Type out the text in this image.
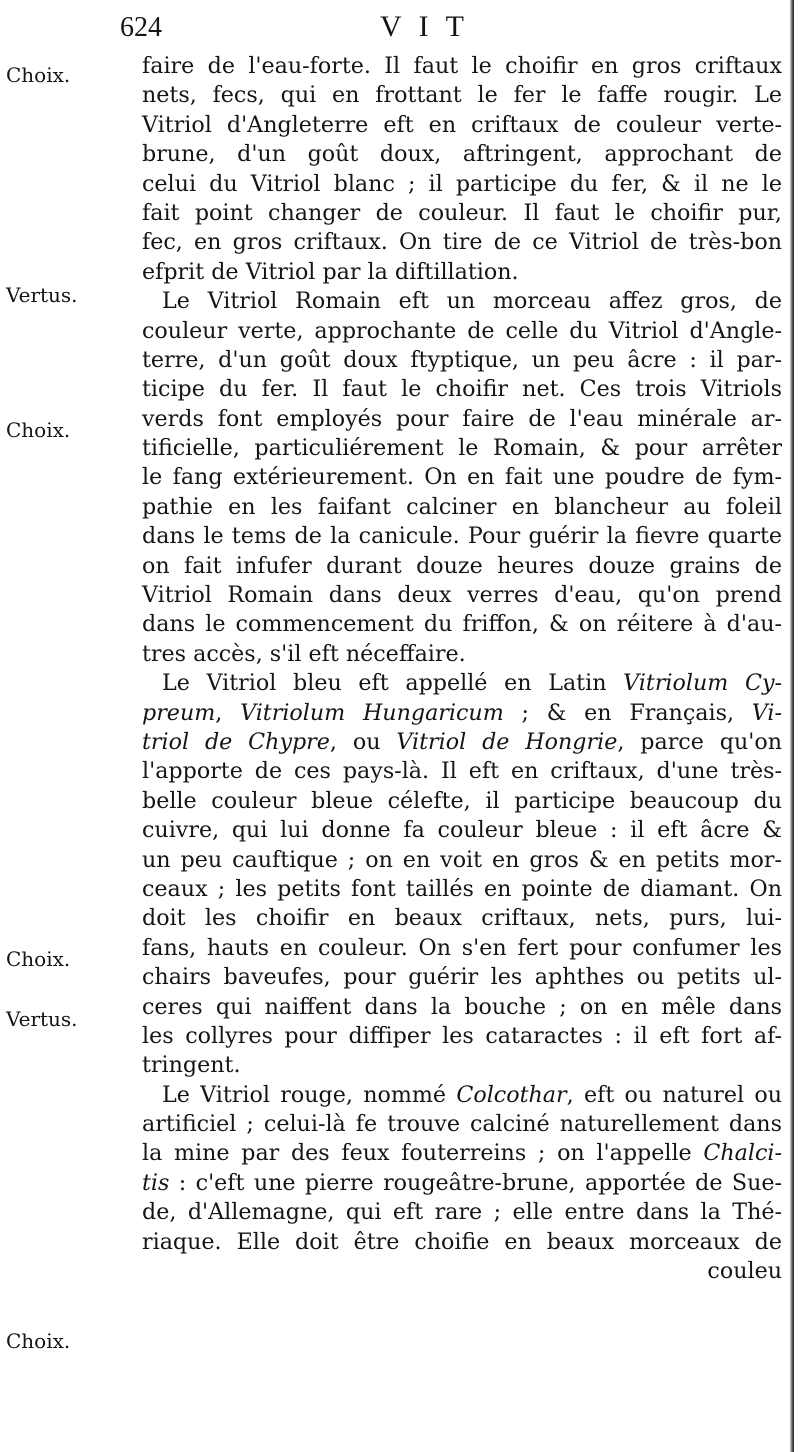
624	V I T
Choix.
Vertus.
Choix.
Choix.
Vertus.
Choix.
faire de l'eau-forte. Il faut le choifir en gros criftaux
nets, fecs, qui en frottant le fer le faffe rougir. Le
Vitriol d'Angleterre eft en criftaux de couleur verte-
brune, d'un goût doux, aftringent, approchant de
celui du Vitriol blanc ; il participe du fer, & il ne le
fait point changer de couleur. Il faut le choifir pur,
fec, en gros criftaux. On tire de ce Vitriol de très-bon
efprit de Vitriol par la diftillation.
Le Vitriol Romain eft un morceau affez gros, de
couleur verte, approchante de celle du Vitriol d'Angle-
terre, d'un goût doux ftyptique, un peu âcre : il par-
ticipe du fer. Il faut le choifir net. Ces trois Vitriols
verds font employés pour faire de l'eau minérale ar-
tificielle, particuliérement le Romain, & pour arrêter
le fang extérieurement. On en fait une poudre de fym-
pathie en les faifant calciner en blancheur au foleil
dans le tems de la canicule. Pour guérir la fievre quarte
on fait infufer durant douze heures douze grains de
Vitriol Romain dans deux verres d'eau, qu'on prend
dans le commencement du friffon, & on réitere à d'au-
tres accès, s'il eft néceffaire.
Le Vitriol bleu eft appellé en Latin Vitriolum Cy-
preum, Vitriolum Hungaricum ; & en Français, Vi-
triol de Chypre, ou Vitriol de Hongrie, parce qu'on
l'apporte de ces pays-là. Il eft en criftaux, d'une très-
belle couleur bleue célefte, il participe beaucoup du
cuivre, qui lui donne fa couleur bleue : il eft âcre &
un peu cauftique ; on en voit en gros & en petits mor-
ceaux ; les petits font taillés en pointe de diamant. On
doit les choifir en beaux criftaux, nets, purs, lui-
fans, hauts en couleur. On s'en fert pour confumer les
chairs baveufes, pour guérir les aphthes ou petits ul-
ceres qui naiffent dans la bouche ; on en mêle dans
les collyres pour diffiper les cataractes : il eft fort af-
tringent.
Le Vitriol rouge, nommé Colcothar, eft ou naturel ou
artificiel ; celui-là fe trouve calciné naturellement dans
la mine par des feux fouterreins ; on l'appelle Chalci-
tis : c'eft une pierre rougeâtre-brune, apportée de Sue-
de, d'Allemagne, qui eft rare ; elle entre dans la Thé-
riaque. Elle doit être choifie en beaux morceaux de
couleu
